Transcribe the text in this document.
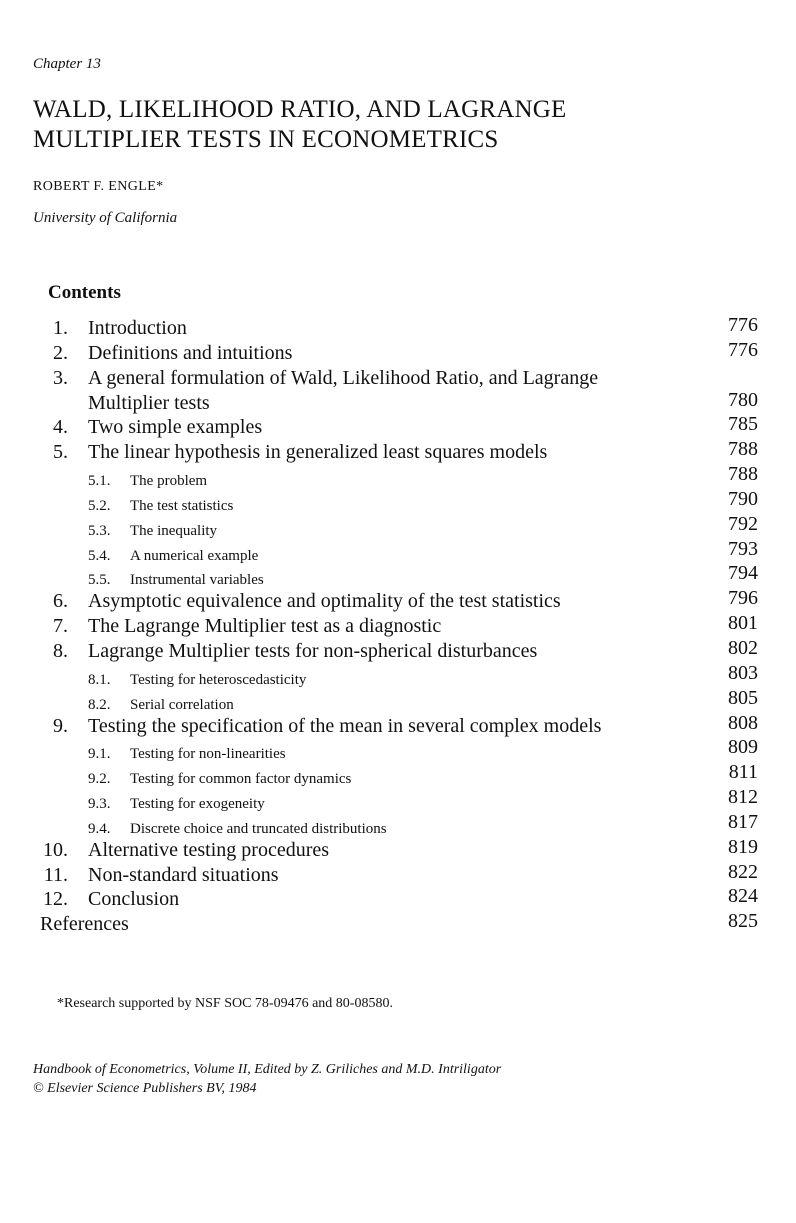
Chapter 13
WALD, LIKELIHOOD RATIO, AND LAGRANGE
MULTIPLIER TESTS IN ECONOMETRICS
ROBERT F. ENGLE*
University of California
Contents
1. Introduction	776
2. Definitions and intuitions	776
3. A general formulation of Wald, Likelihood Ratio, and Lagrange
Multiplier tests	780
4. Two simple examples	785
5. The linear hypothesis in generalized least squares models	788
5.1. The problem	788
5.2. The test statistics	790
5.3. The inequality	792
5.4. A numerical example	793
5.5. Instrumental variables	794
6. Asymptotic equivalence and optimality of the test statistics	796
7. The Lagrange Multiplier test as a diagnostic	801
8. Lagrange Multiplier tests for non-spherical disturbances	802
8.1. Testing for heteroscedasticity	803
8.2. Serial correlation	805
9. Testing the specification of the mean in several complex models	808
9.1. Testing for non-linearities	809
9.2. Testing for common factor dynamics	811
9.3. Testing for exogeneity	812
9.4. Discrete choice and truncated distributions	817
10. Alternative testing procedures	819
11. Non-standard situations	822
12. Conclusion	824
References	825
*Research supported by NSF SOC 78-09476 and 80-08580.
Handbook of Econometrics, Volume II, Edited by Z. Griliches and M.D. Intriligator
© Elsevier Science Publishers BV, 1984
